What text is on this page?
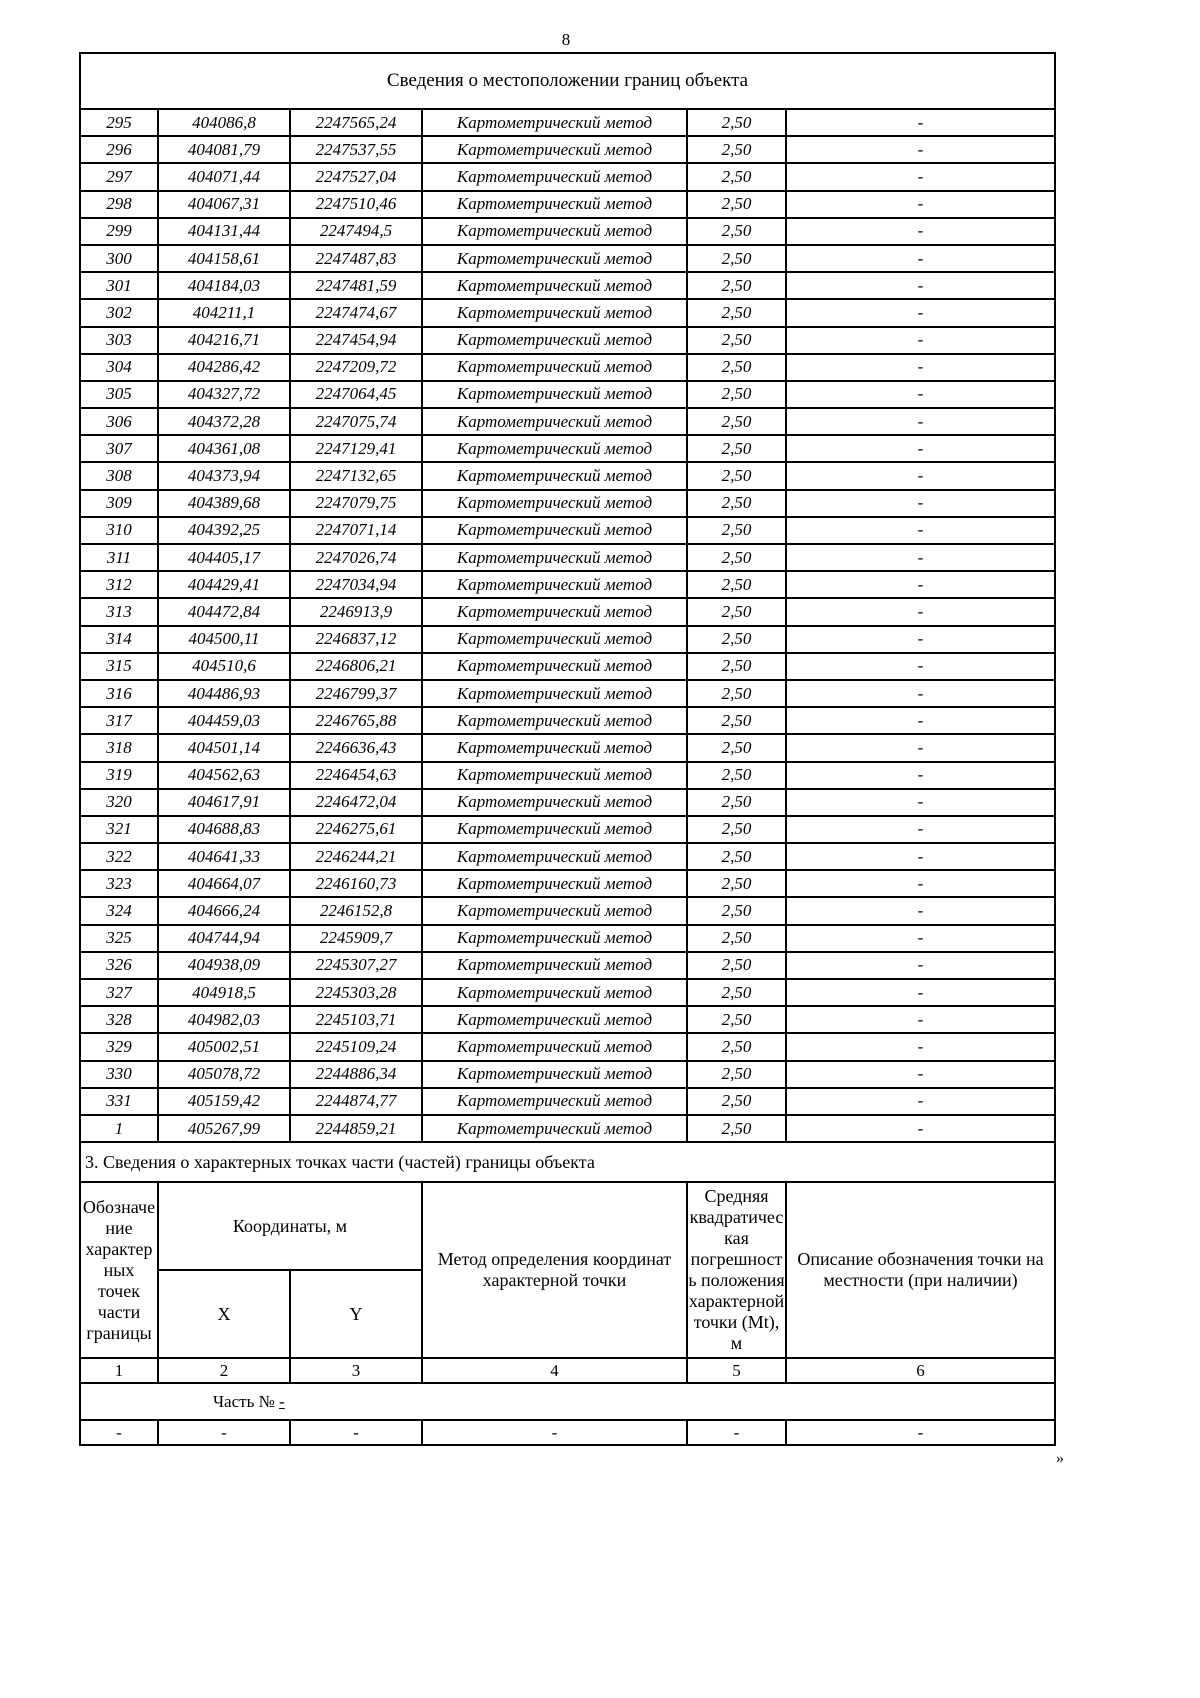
8
Сведения о местоположении границ объекта					
295	404086,8	2247565,24	Картометрический метод	2,50	-
296	404081,79	2247537,55	Картометрический метод	2,50	-
297	404071,44	2247527,04	Картометрический метод	2,50	-
298	404067,31	2247510,46	Картометрический метод	2,50	-
299	404131,44	2247494,5	Картометрический метод	2,50	-
300	404158,61	2247487,83	Картометрический метод	2,50	-
301	404184,03	2247481,59	Картометрический метод	2,50	-
302	404211,1	2247474,67	Картометрический метод	2,50	-
303	404216,71	2247454,94	Картометрический метод	2,50	-
304	404286,42	2247209,72	Картометрический метод	2,50	-
305	404327,72	2247064,45	Картометрический метод	2,50	-
306	404372,28	2247075,74	Картометрический метод	2,50	-
307	404361,08	2247129,41	Картометрический метод	2,50	-
308	404373,94	2247132,65	Картометрический метод	2,50	-
309	404389,68	2247079,75	Картометрический метод	2,50	-
310	404392,25	2247071,14	Картометрический метод	2,50	-
311	404405,17	2247026,74	Картометрический метод	2,50	-
312	404429,41	2247034,94	Картометрический метод	2,50	-
313	404472,84	2246913,9	Картометрический метод	2,50	-
314	404500,11	2246837,12	Картометрический метод	2,50	-
315	404510,6	2246806,21	Картометрический метод	2,50	-
316	404486,93	2246799,37	Картометрический метод	2,50	-
317	404459,03	2246765,88	Картометрический метод	2,50	-
318	404501,14	2246636,43	Картометрический метод	2,50	-
319	404562,63	2246454,63	Картометрический метод	2,50	-
320	404617,91	2246472,04	Картометрический метод	2,50	-
321	404688,83	2246275,61	Картометрический метод	2,50	-
322	404641,33	2246244,21	Картометрический метод	2,50	-
323	404664,07	2246160,73	Картометрический метод	2,50	-
324	404666,24	2246152,8	Картометрический метод	2,50	-
325	404744,94	2245909,7	Картометрический метод	2,50	-
326	404938,09	2245307,27	Картометрический метод	2,50	-
327	404918,5	2245303,28	Картометрический метод	2,50	-
328	404982,03	2245103,71	Картометрический метод	2,50	-
329	405002,51	2245109,24	Картометрический метод	2,50	-
330	405078,72	2244886,34	Картометрический метод	2,50	-
331	405159,42	2244874,77	Картометрический метод	2,50	-
1	405267,99	2244859,21	Картометрический метод	2,50	-
3. Сведения о характерных точках части (частей) границы объекта					
Обозначе ние характер ных точек части границы	Координаты, м		Метод определения координат характерной точки	Средняя квадратичес кая погрешност ь положения характерной точки (Mt), м	Описание обозначения точки на местности (при наличии)
	X	Y			
1	2	3	4	5	6
Часть № -					
-	-	-	-	-	-
»
